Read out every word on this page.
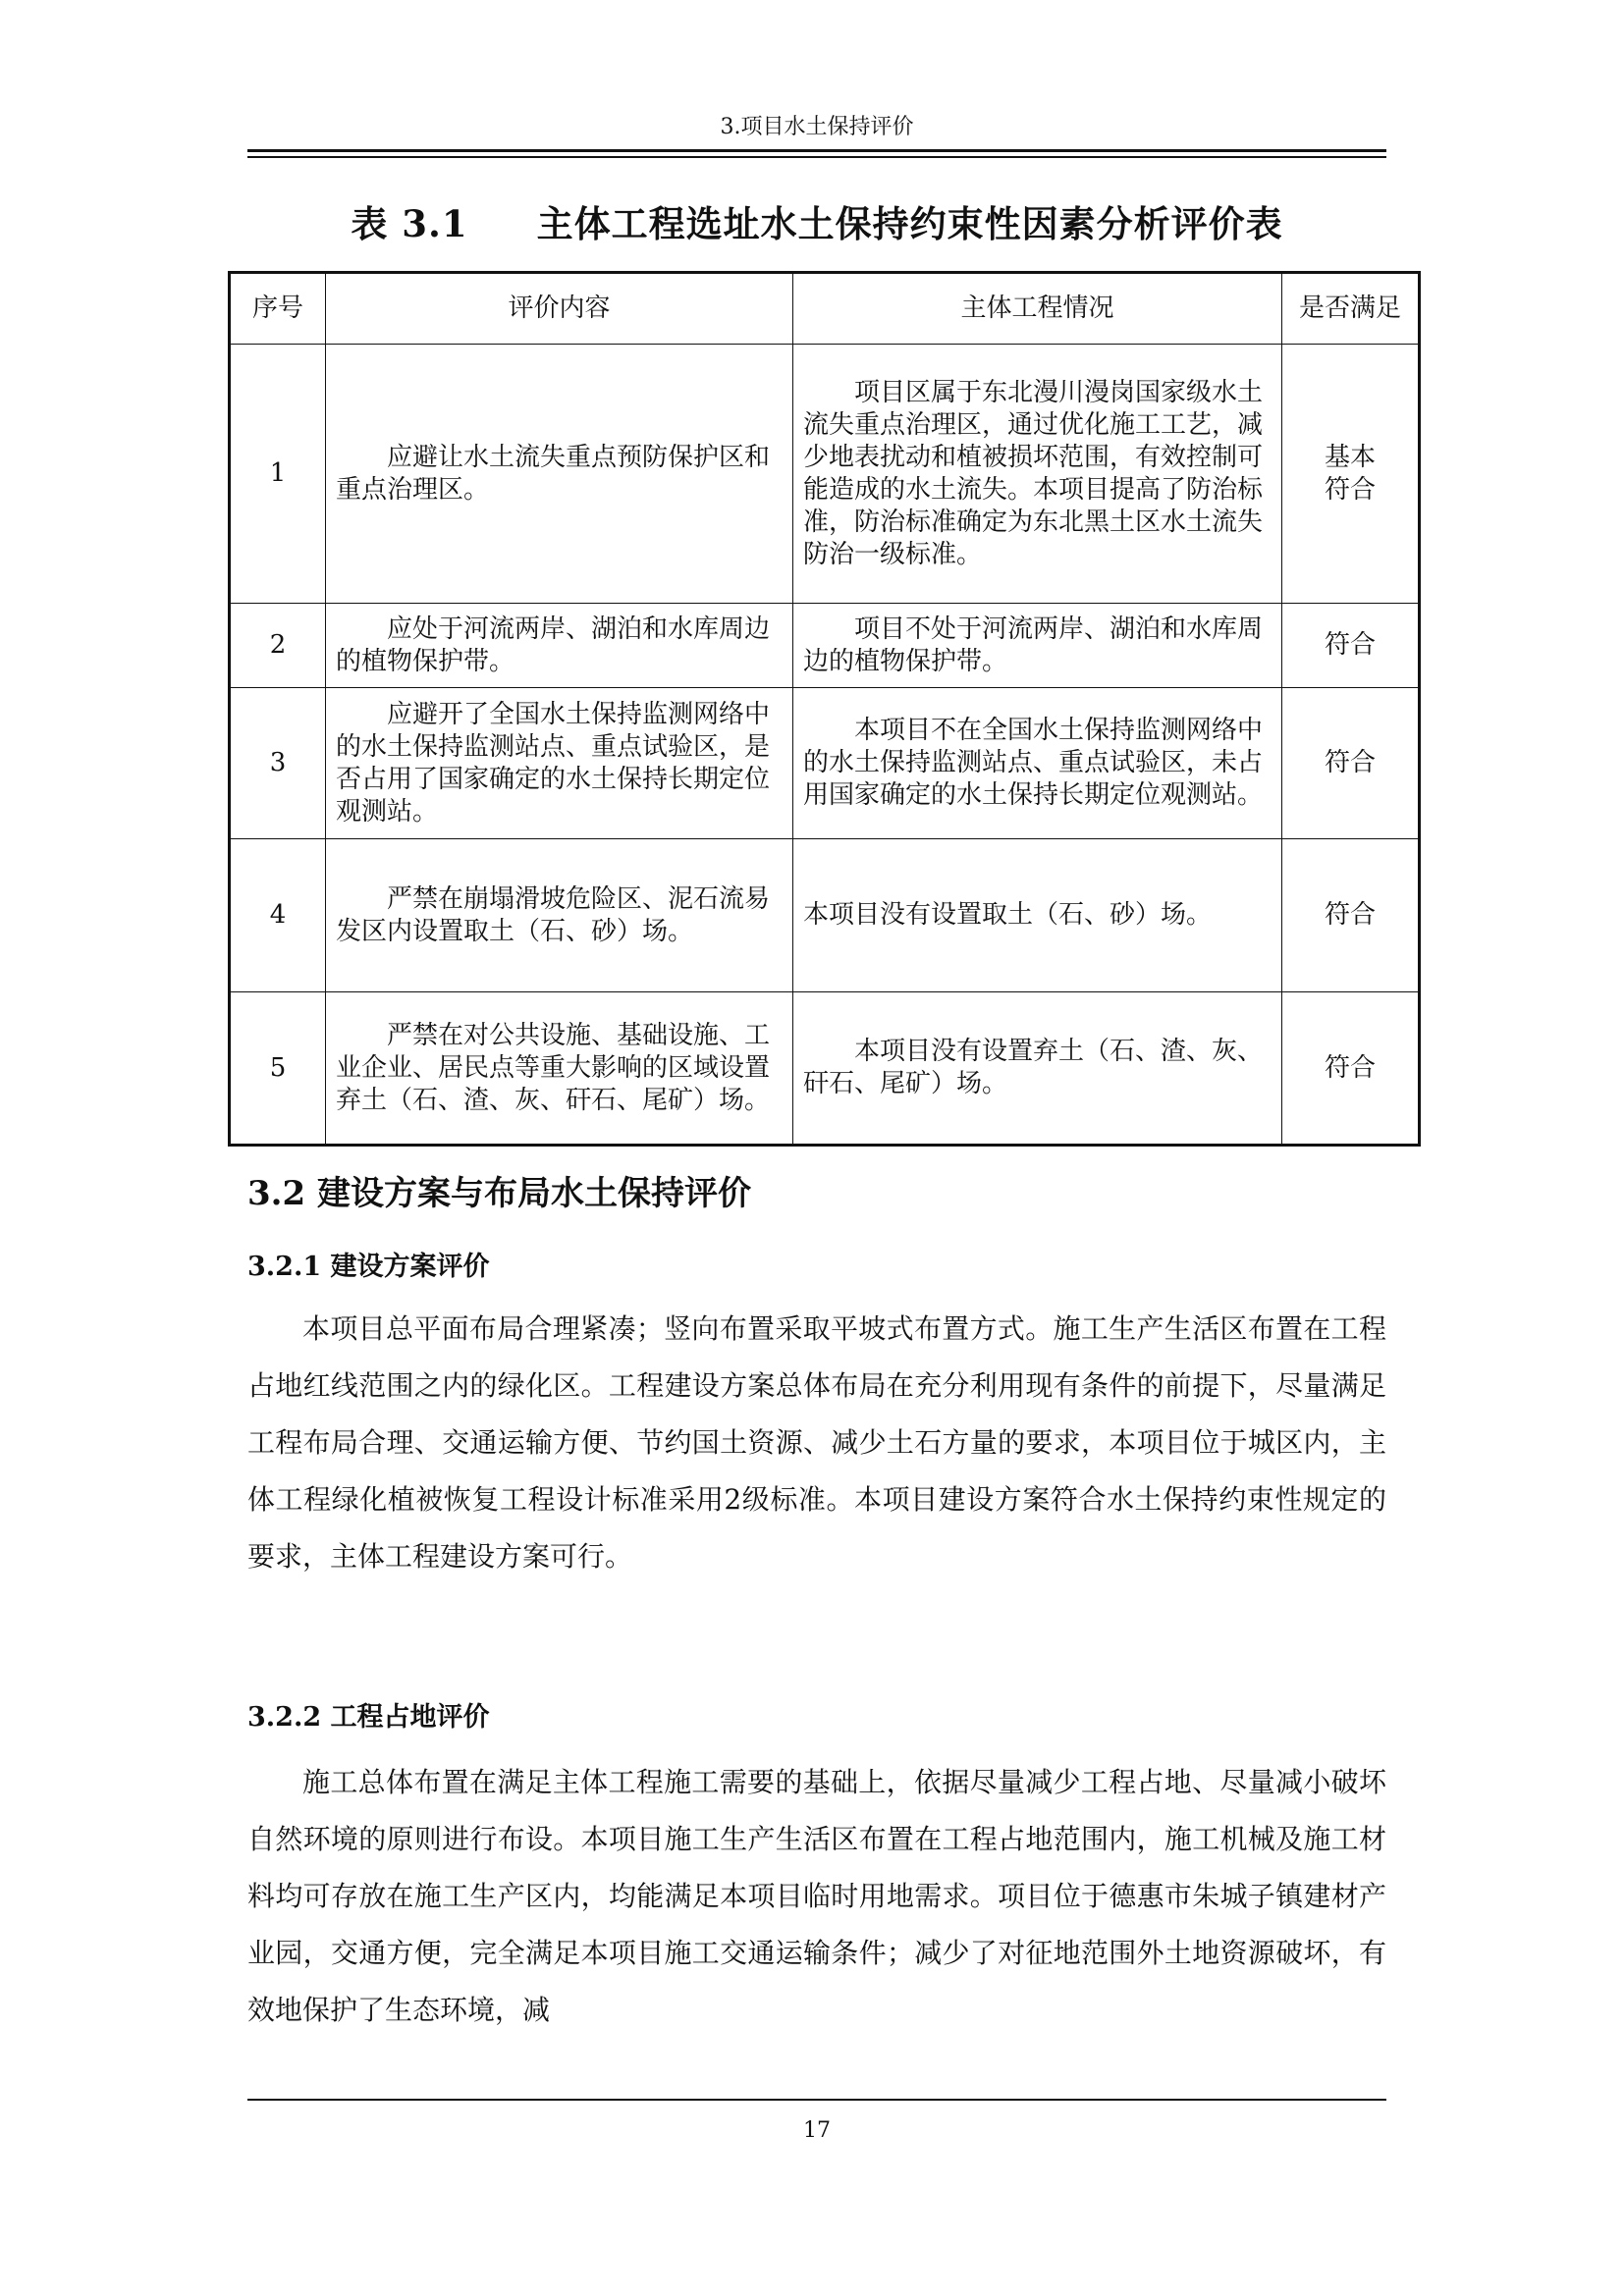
3.项目水土保持评价
表 3.1 主体工程选址水土保持约束性因素分析评价表
序号	评价内容	主体工程情况	是否满足
1	应避让水土流失重点预防保护区和重点治理区。	项目区属于东北漫川漫岗国家级水土流失重点治理区，通过优化施工工艺，减少地表扰动和植被损坏范围，有效控制可能造成的水土流失。本项目提高了防治标准，防治标准确定为东北黑土区水土流失防治一级标准。	基本符合
2	应处于河流两岸、湖泊和水库周边的植物保护带。	项目不处于河流两岸、湖泊和水库周边的植物保护带。	符合
3	应避开了全国水土保持监测网络中的水土保持监测站点、重点试验区，是否占用了国家确定的水土保持长期定位观测站。	本项目不在全国水土保持监测网络中的水土保持监测站点、重点试验区，未占用国家确定的水土保持长期定位观测站。	符合
4	严禁在崩塌滑坡危险区、泥石流易发区内设置取土（石、砂）场。	本项目没有设置取土（石、砂）场。	符合
5	严禁在对公共设施、基础设施、工业企业、居民点等重大影响的区域设置弃土（石、渣、灰、矸石、尾矿）场。	本项目没有设置弃土（石、渣、灰、矸石、尾矿）场。	符合
3.2 建设方案与布局水土保持评价
3.2.1 建设方案评价
本项目总平面布局合理紧凑；竖向布置采取平坡式布置方式。施工生产生活区布置在工程占地红线范围之内的绿化区。工程建设方案总体布局在充分利用现有条件的前提下，尽量满足工程布局合理、交通运输方便、节约国土资源、减少土石方量的要求，本项目位于城区内，主体工程绿化植被恢复工程设计标准采用2级标准。本项目建设方案符合水土保持约束性规定的要求，主体工程建设方案可行。
3.2.2 工程占地评价
施工总体布置在满足主体工程施工需要的基础上，依据尽量减少工程占地、尽量减小破坏自然环境的原则进行布设。本项目施工生产生活区布置在工程占地范围内，施工机械及施工材料均可存放在施工生产区内，均能满足本项目临时用地需求。项目位于德惠市朱城子镇建材产业园，交通方便，完全满足本项目施工交通运输条件；减少了对征地范围外土地资源破坏，有效地保护了生态环境，减
17
